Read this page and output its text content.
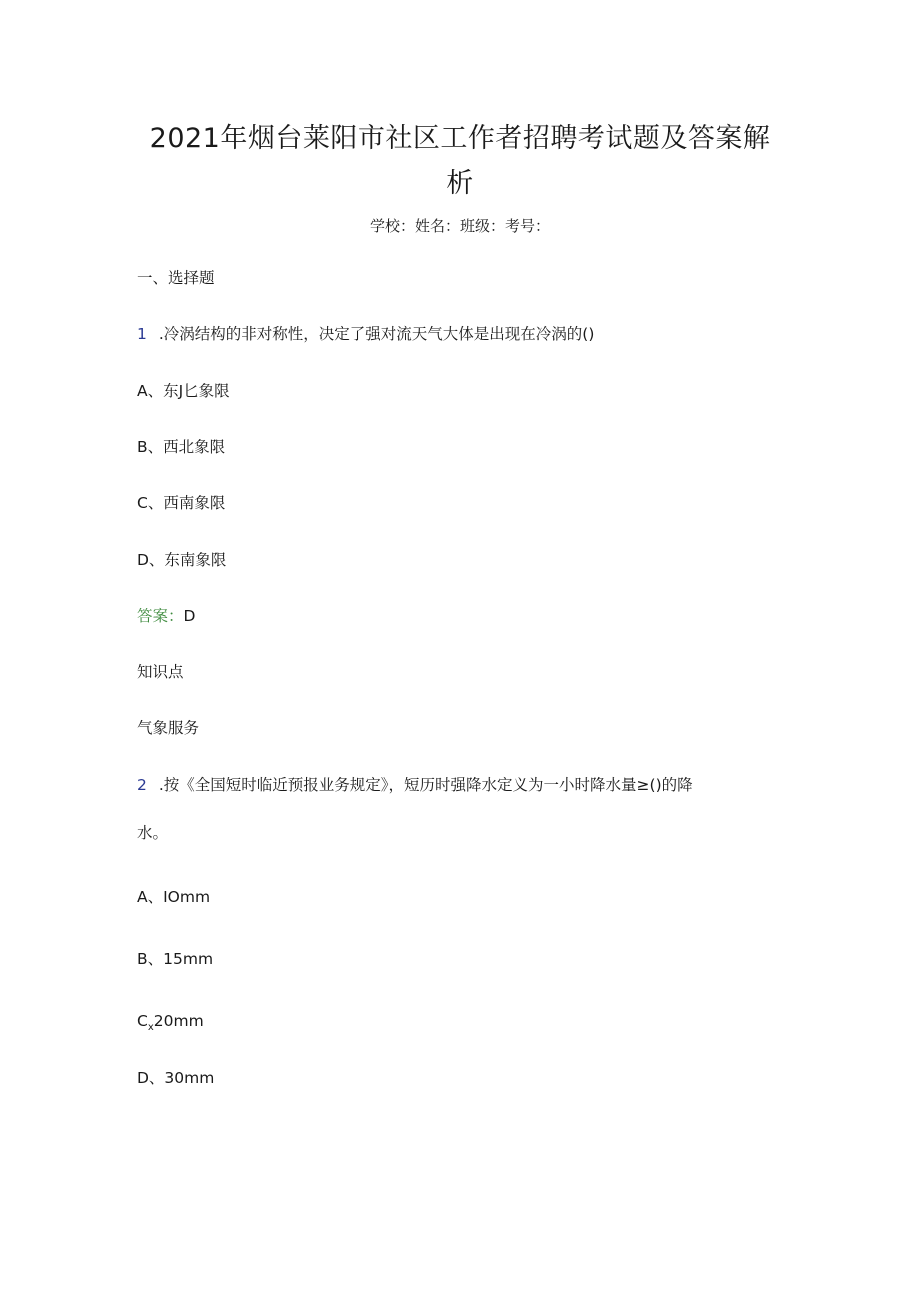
2021年烟台莱阳市社区工作者招聘考试题及答案解析
学校：姓名：班级：考号：
一、选择题
1 .冷涡结构的非对称性，决定了强对流天气大体是出现在冷涡的()
A、东J匕象限
B、西北象限
C、西南象限
D、东南象限
答案：D
知识点
气象服务
2 .按《全国短时临近预报业务规定》，短历时强降水定义为一小时降水量≥()的降
水。
A、IOmm
B、15mm
$C_x20mm$
D、30mm
